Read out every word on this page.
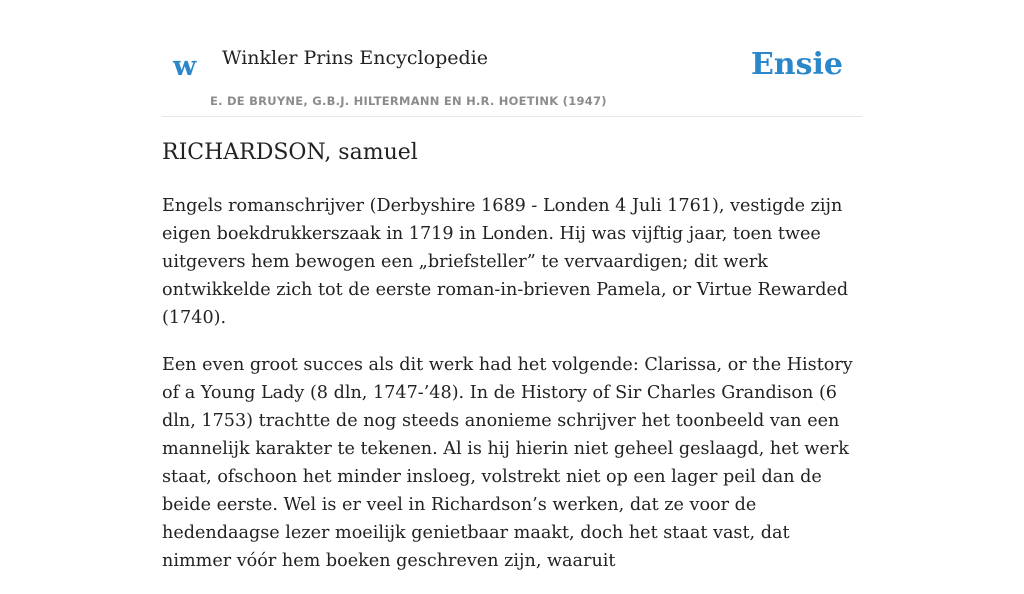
w Winkler Prins Encyclopedie
E. DE BRUYNE, G.B.J. HILTERMANN EN H.R. HOETINK (1947)
Ensie
RICHARDSON, samuel

Engels romanschrijver (Derbyshire 1689 - Londen 4 Juli 1761), vestigde zijn eigen boekdrukkerszaak in 1719 in Londen. Hij was vijftig jaar, toen twee uitgevers hem bewogen een „briefsteller” te vervaardigen; dit werk ontwikkelde zich tot de eerste roman-in-brieven Pamela, or Virtue Rewarded (1740).

Een even groot succes als dit werk had het volgende: Clarissa, or the History of a Young Lady (8 dln, 1747-’48). In de History of Sir Charles Grandison (6 dln, 1753) trachtte de nog steeds anonieme schrijver het toonbeeld van een mannelijk karakter te tekenen. Al is hij hierin niet geheel geslaagd, het werk staat, ofschoon het minder insloeg, volstrekt niet op een lager peil dan de beide eerste. Wel is er veel in Richardson’s werken, dat ze voor de hedendaagse lezer moeilijk genietbaar maakt, doch het staat vast, dat nimmer vóór hem boeken geschreven zijn, waaruit
